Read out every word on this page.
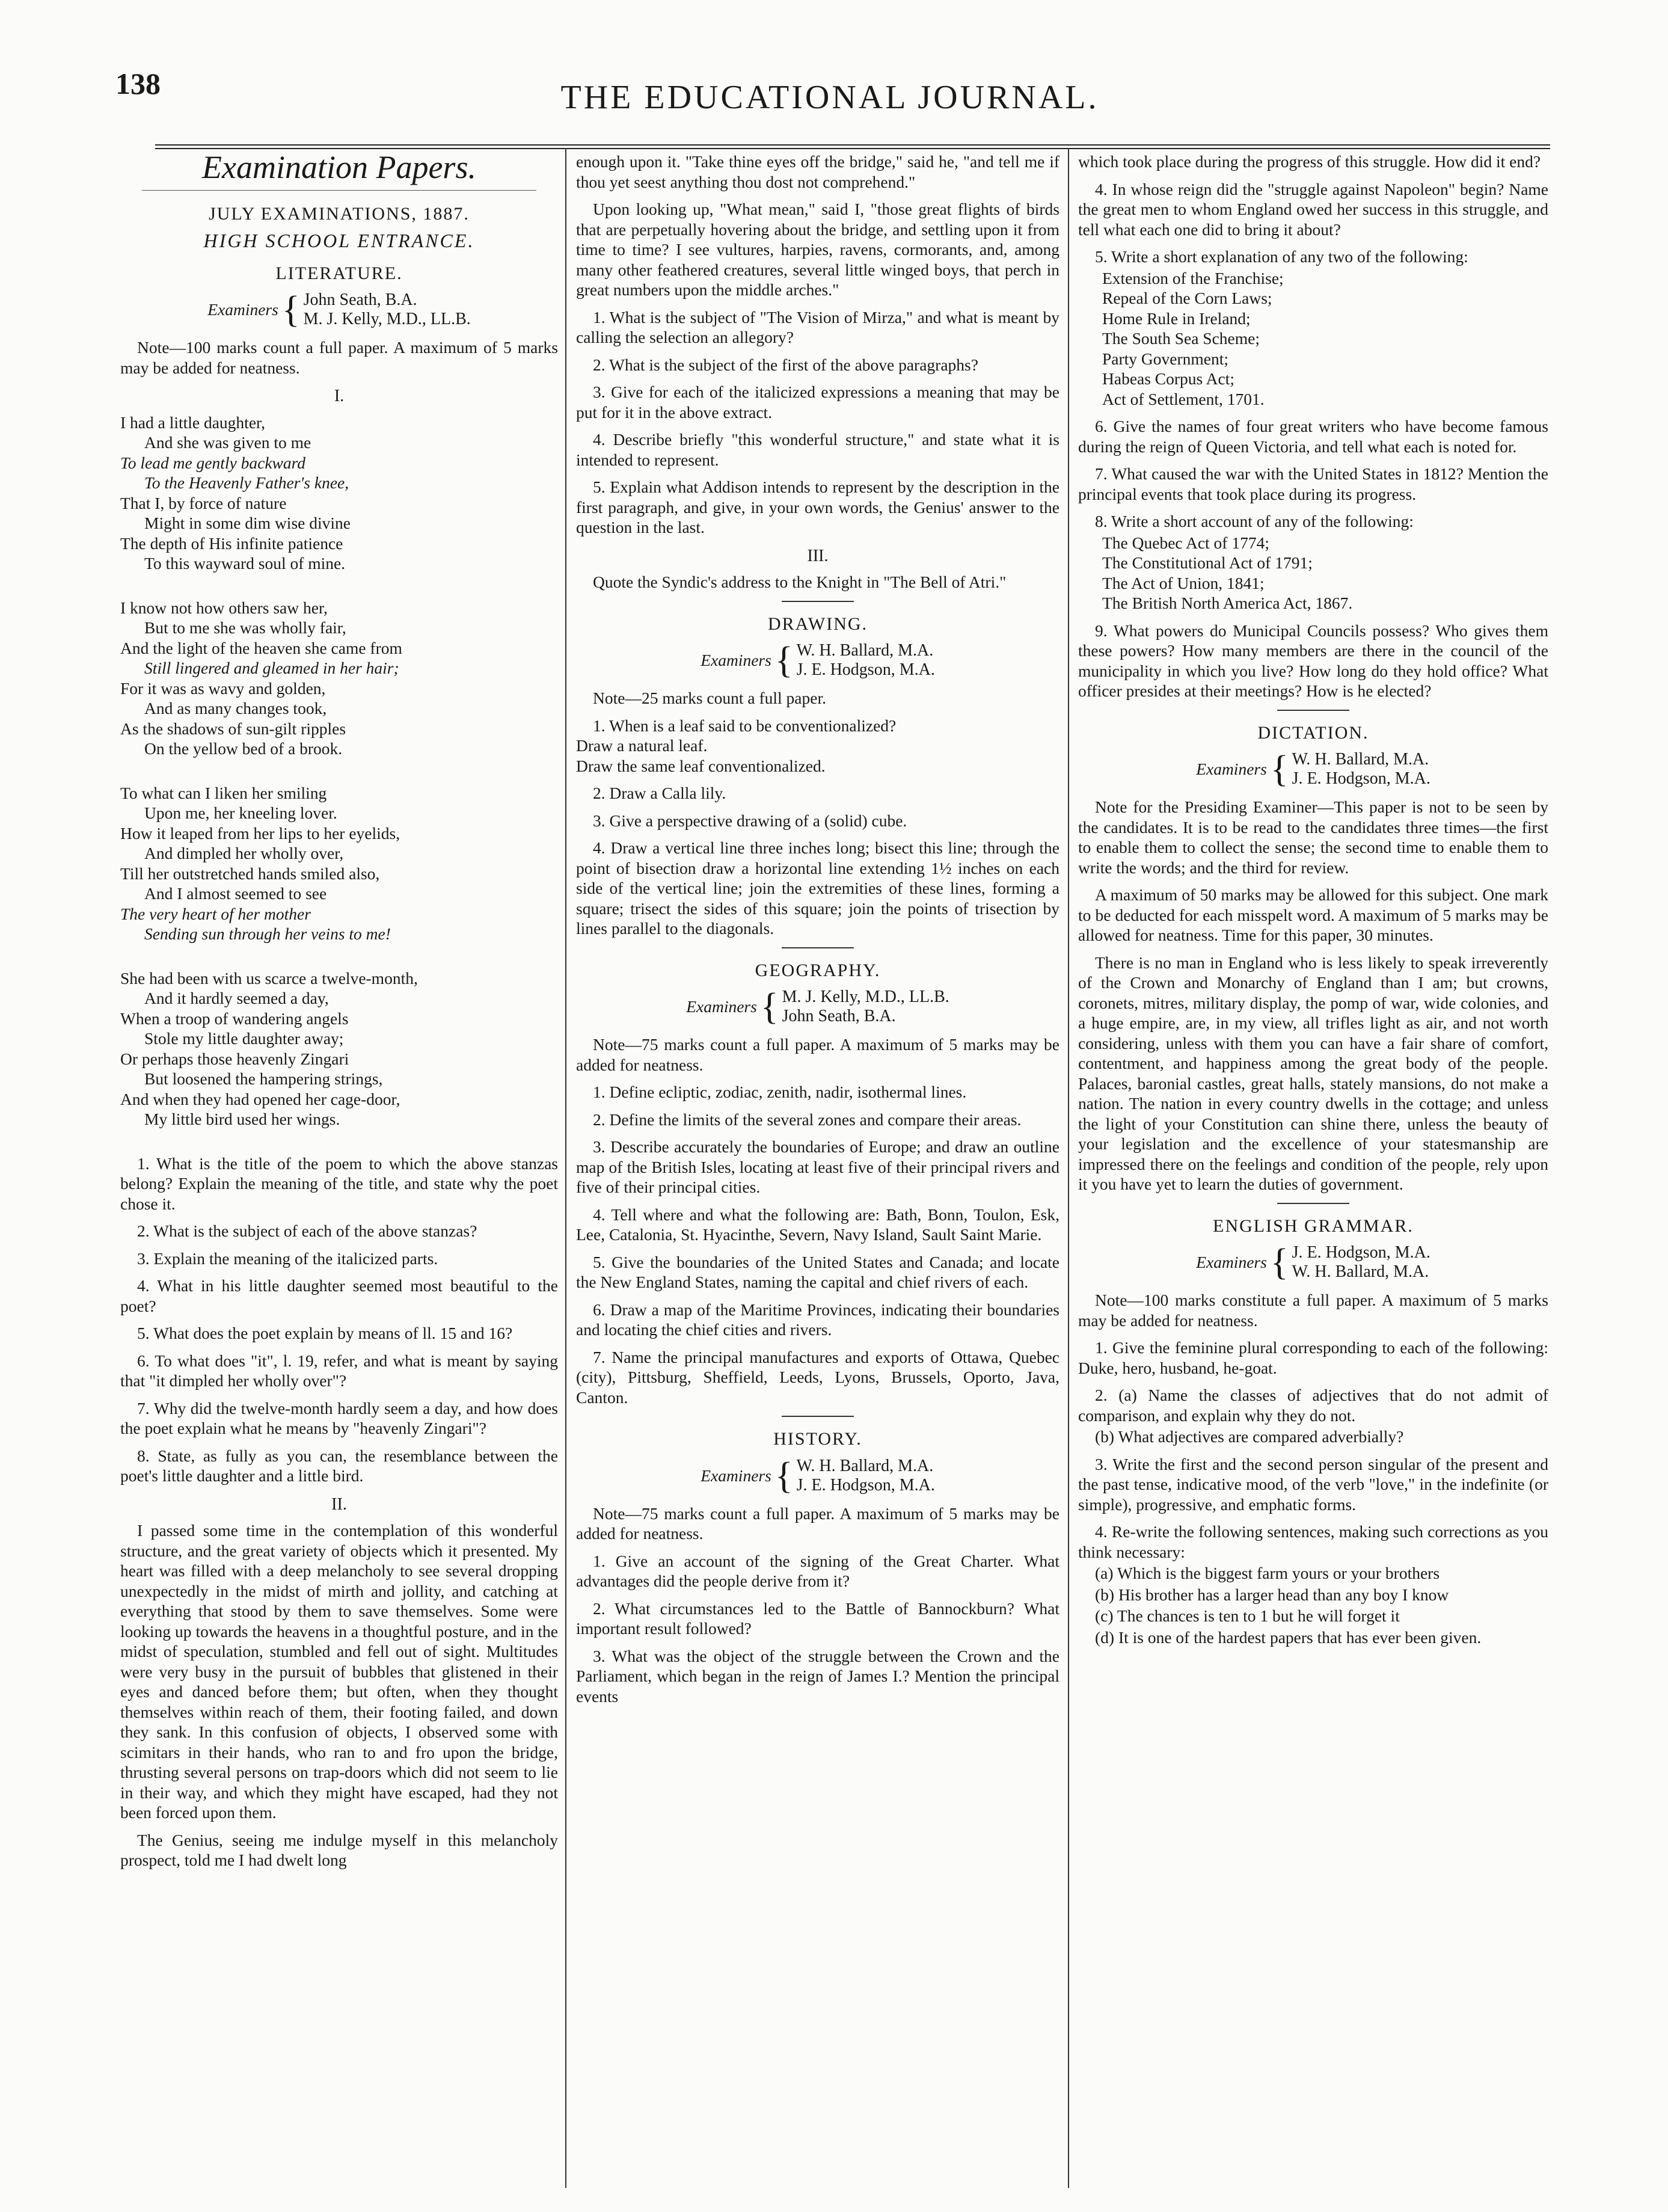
138	THE EDUCATIONAL JOURNAL.
Examination Papers.
JULY EXAMINATIONS, 1887.
HIGH SCHOOL ENTRANCE.
LITERATURE.
Examiners { John Seath, B.A.
M. J. Kelly, M.D., LL.B.

Note—100 marks count a full paper. A maximum of 5 marks may be added for neatness.

I.
I had a little daughter,
And she was given to me
To lead me gently backward
To the Heavenly Father's knee,
That I, by force of nature
Might in some dim wise divine
The depth of His infinite patience
To this wayward soul of mine.
I know not how others saw her,
But to me she was wholly fair,
And the light of the heaven she came from
Still lingered and gleamed in her hair;
For it was as wavy and golden,
And as many changes took,
As the shadows of sun-gilt ripples
On the yellow bed of a brook.
To what can I liken her smiling
Upon me, her kneeling lover.
How it leaped from her lips to her eyelids,
And dimpled her wholly over,
Till her outstretched hands smiled also,
And I almost seemed to see
The very heart of her mother
Sending sun through her veins to me!
She had been with us scarce a twelve-month,
And it hardly seemed a day,
When a troop of wandering angels
Stole my little daughter away;
Or perhaps those heavenly Zingari
But loosened the hampering strings,
And when they had opened her cage-door,
My little bird used her wings.

1. What is the title of the poem to which the above stanzas belong? Explain the meaning of the title, and state why the poet chose it.

2. What is the subject of each of the above stanzas?

3. Explain the meaning of the italicized parts.

4. What in his little daughter seemed most beautiful to the poet?

5. What does the poet explain by means of ll. 15 and 16?

6. To what does "it", l. 19, refer, and what is meant by saying that "it dimpled her wholly over"?

7. Why did the twelve-month hardly seem a day, and how does the poet explain what he means by "heavenly Zingari"?

8. State, as fully as you can, the resemblance between the poet's little daughter and a little bird.

II.

I passed some time in the contemplation of this wonderful structure, and the great variety of objects which it presented. My heart was filled with a deep melancholy to see several dropping unexpectedly in the midst of mirth and jollity, and catching at everything that stood by them to save themselves. Some were looking up towards the heavens in a thoughtful posture, and in the midst of speculation, stumbled and fell out of sight. Multitudes were very busy in the pursuit of bubbles that glistened in their eyes and danced before them; but often, when they thought themselves within reach of them, their footing failed, and down they sank. In this confusion of objects, I observed some with scimitars in their hands, who ran to and fro upon the bridge, thrusting several persons on trap-doors which did not seem to lie in their way, and which they might have escaped, had they not been forced upon them.

The Genius, seeing me indulge myself in this melancholy prospect, told me I had dwelt long

enough upon it. "Take thine eyes off the bridge," said he, "and tell me if thou yet seest anything thou dost not comprehend."

Upon looking up, "What mean," said I, "those great flights of birds that are perpetually hovering about the bridge, and settling upon it from time to time? I see vultures, harpies, ravens, cormorants, and, among many other feathered creatures, several little winged boys, that perch in great numbers upon the middle arches."

1. What is the subject of "The Vision of Mirza," and what is meant by calling the selection an allegory?

2. What is the subject of the first of the above paragraphs?

3. Give for each of the italicized expressions a meaning that may be put for it in the above extract.

4. Describe briefly "this wonderful structure," and state what it is intended to represent.

5. Explain what Addison intends to represent by the description in the first paragraph, and give, in your own words, the Genius' answer to the question in the last.

III.

Quote the Syndic's address to the Knight in "The Bell of Atri."

DRAWING.
Examiners { W. H. Ballard, M.A.
J. E. Hodgson, M.A.

Note—25 marks count a full paper.

1. When is a leaf said to be conventionalized?

Draw a natural leaf.

Draw the same leaf conventionalized.

2. Draw a Calla lily.

3. Give a perspective drawing of a (solid) cube.

4. Draw a vertical line three inches long; bisect this line; through the point of bisection draw a horizontal line extending 1½ inches on each side of the vertical line; join the extremities of these lines, forming a square; trisect the sides of this square; join the points of trisection by lines parallel to the diagonals.

GEOGRAPHY.
Examiners { M. J. Kelly, M.D., LL.B.
John Seath, B.A.

Note—75 marks count a full paper. A maximum of 5 marks may be added for neatness.

1. Define ecliptic, zodiac, zenith, nadir, isothermal lines.

2. Define the limits of the several zones and compare their areas.

3. Describe accurately the boundaries of Europe; and draw an outline map of the British Isles, locating at least five of their principal rivers and five of their principal cities.

4. Tell where and what the following are: Bath, Bonn, Toulon, Esk, Lee, Catalonia, St. Hyacinthe, Severn, Navy Island, Sault Saint Marie.

5. Give the boundaries of the United States and Canada; and locate the New England States, naming the capital and chief rivers of each.

6. Draw a map of the Maritime Provinces, indicating their boundaries and locating the chief cities and rivers.

7. Name the principal manufactures and exports of Ottawa, Quebec (city), Pittsburg, Sheffield, Leeds, Lyons, Brussels, Oporto, Java, Canton.

HISTORY.
Examiners { W. H. Ballard, M.A.
J. E. Hodgson, M.A.

Note—75 marks count a full paper. A maximum of 5 marks may be added for neatness.

1. Give an account of the signing of the Great Charter. What advantages did the people derive from it?

2. What circumstances led to the Battle of Bannockburn? What important result followed?

3. What was the object of the struggle between the Crown and the Parliament, which began in the reign of James I.? Mention the principal events

which took place during the progress of this struggle. How did it end?

4. In whose reign did the "struggle against Napoleon" begin? Name the great men to whom England owed her success in this struggle, and tell what each one did to bring it about?

5. Write a short explanation of any two of the following:

Extension of the Franchise;
Repeal of the Corn Laws;
Home Rule in Ireland;
The South Sea Scheme;
Party Government;
Habeas Corpus Act;
Act of Settlement, 1701.

6. Give the names of four great writers who have become famous during the reign of Queen Victoria, and tell what each is noted for.

7. What caused the war with the United States in 1812? Mention the principal events that took place during its progress.

8. Write a short account of any of the following:

The Quebec Act of 1774;
The Constitutional Act of 1791;
The Act of Union, 1841;
The British North America Act, 1867.

9. What powers do Municipal Councils possess? Who gives them these powers? How many members are there in the council of the municipality in which you live? How long do they hold office? What officer presides at their meetings? How is he elected?

DICTATION.
Examiners { W. H. Ballard, M.A.
J. E. Hodgson, M.A.

Note for the Presiding Examiner—This paper is not to be seen by the candidates. It is to be read to the candidates three times—the first to enable them to collect the sense; the second time to enable them to write the words; and the third for review.

A maximum of 50 marks may be allowed for this subject. One mark to be deducted for each misspelt word. A maximum of 5 marks may be allowed for neatness. Time for this paper, 30 minutes.

There is no man in England who is less likely to speak irreverently of the Crown and Monarchy of England than I am; but crowns, coronets, mitres, military display, the pomp of war, wide colonies, and a huge empire, are, in my view, all trifles light as air, and not worth considering, unless with them you can have a fair share of comfort, contentment, and happiness among the great body of the people. Palaces, baronial castles, great halls, stately mansions, do not make a nation. The nation in every country dwells in the cottage; and unless the light of your Constitution can shine there, unless the beauty of your legislation and the excellence of your statesmanship are impressed there on the feelings and condition of the people, rely upon it you have yet to learn the duties of government.

ENGLISH GRAMMAR.
Examiners { J. E. Hodgson, M.A.
W. H. Ballard, M.A.

Note—100 marks constitute a full paper. A maximum of 5 marks may be added for neatness.

1. Give the feminine plural corresponding to each of the following: Duke, hero, husband, he-goat.

2. (a) Name the classes of adjectives that do not admit of comparison, and explain why they do not.

(b) What adjectives are compared adverbially?

3. Write the first and the second person singular of the present and the past tense, indicative mood, of the verb "love," in the indefinite (or simple), progressive, and emphatic forms.

4. Re-write the following sentences, making such corrections as you think necessary:

(a) Which is the biggest farm yours or your brothers

(b) His brother has a larger head than any boy I know

(c) The chances is ten to 1 but he will forget it

(d) It is one of the hardest papers that has ever been given.
